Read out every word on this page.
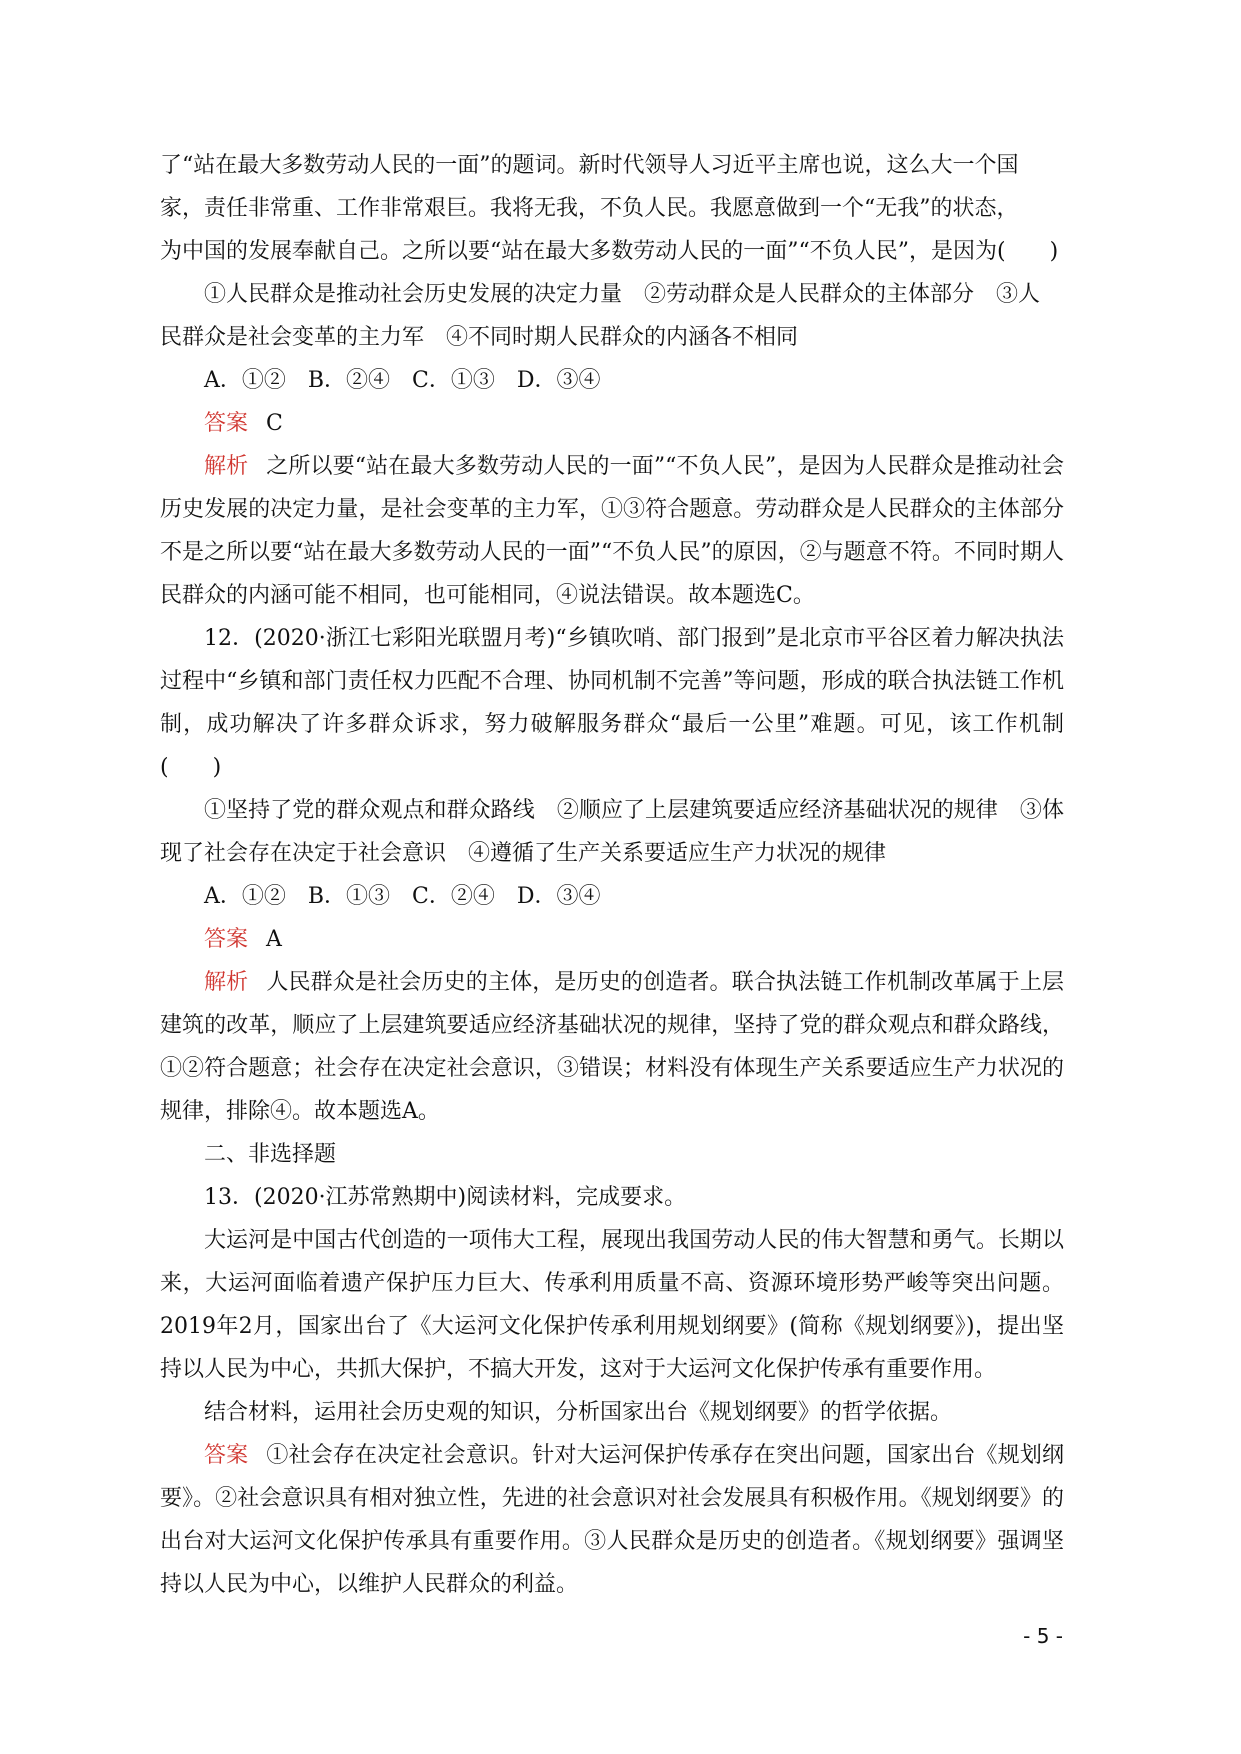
了“站在最大多数劳动人民的一面”的题词。新时代领导人习近平主席也说，这么大一个国

家，责任非常重、工作非常艰巨。我将无我，不负人民。我愿意做到一个“无我”的状态，

为中国的发展奉献自己。之所以要“站在最大多数劳动人民的一面”“不负人民”，是因为(　　)

①人民群众是推动社会历史发展的决定力量　②劳动群众是人民群众的主体部分　③人

民群众是社会变革的主力军　④不同时期人民群众的内涵各不相同

A．①②　B．②④　C．①③　D．③④

答案 C

解析 之所以要“站在最大多数劳动人民的一面”“不负人民”，是因为人民群众是推动社会历史发展的决定力量，是社会变革的主力军，①③符合题意。劳动群众是人民群众的主体部分不是之所以要“站在最大多数劳动人民的一面”“不负人民”的原因，②与题意不符。不同时期人民群众的内涵可能不相同，也可能相同，④说法错误。故本题选C。

12．(2020·浙江七彩阳光联盟月考)“乡镇吹哨、部门报到”是北京市平谷区着力解决执法过程中“乡镇和部门责任权力匹配不合理、协同机制不完善”等问题，形成的联合执法链工作机制，成功解决了许多群众诉求，努力破解服务群众“最后一公里”难题。可见，该工作机制(　　)

①坚持了党的群众观点和群众路线　②顺应了上层建筑要适应经济基础状况的规律　③体现了社会存在决定于社会意识　④遵循了生产关系要适应生产力状况的规律

A．①②　B．①③　C．②④　D．③④

答案 A

解析 人民群众是社会历史的主体，是历史的创造者。联合执法链工作机制改革属于上层建筑的改革，顺应了上层建筑要适应经济基础状况的规律，坚持了党的群众观点和群众路线，①②符合题意；社会存在决定社会意识，③错误；材料没有体现生产关系要适应生产力状况的规律，排除④。故本题选A。

二、非选择题

13．(2020·江苏常熟期中)阅读材料，完成要求。

大运河是中国古代创造的一项伟大工程，展现出我国劳动人民的伟大智慧和勇气。长期以来，大运河面临着遗产保护压力巨大、传承利用质量不高、资源环境形势严峻等突出问题。2019年2月，国家出台了《大运河文化保护传承利用规划纲要》(简称《规划纲要》)，提出坚持以人民为中心，共抓大保护，不搞大开发，这对于大运河文化保护传承有重要作用。

结合材料，运用社会历史观的知识，分析国家出台《规划纲要》的哲学依据。

答案 ①社会存在决定社会意识。针对大运河保护传承存在突出问题，国家出台《规划纲要》。②社会意识具有相对独立性，先进的社会意识对社会发展具有积极作用。《规划纲要》的出台对大运河文化保护传承具有重要作用。③人民群众是历史的创造者。《规划纲要》强调坚持以人民为中心，以维护人民群众的利益。

- 5 -
